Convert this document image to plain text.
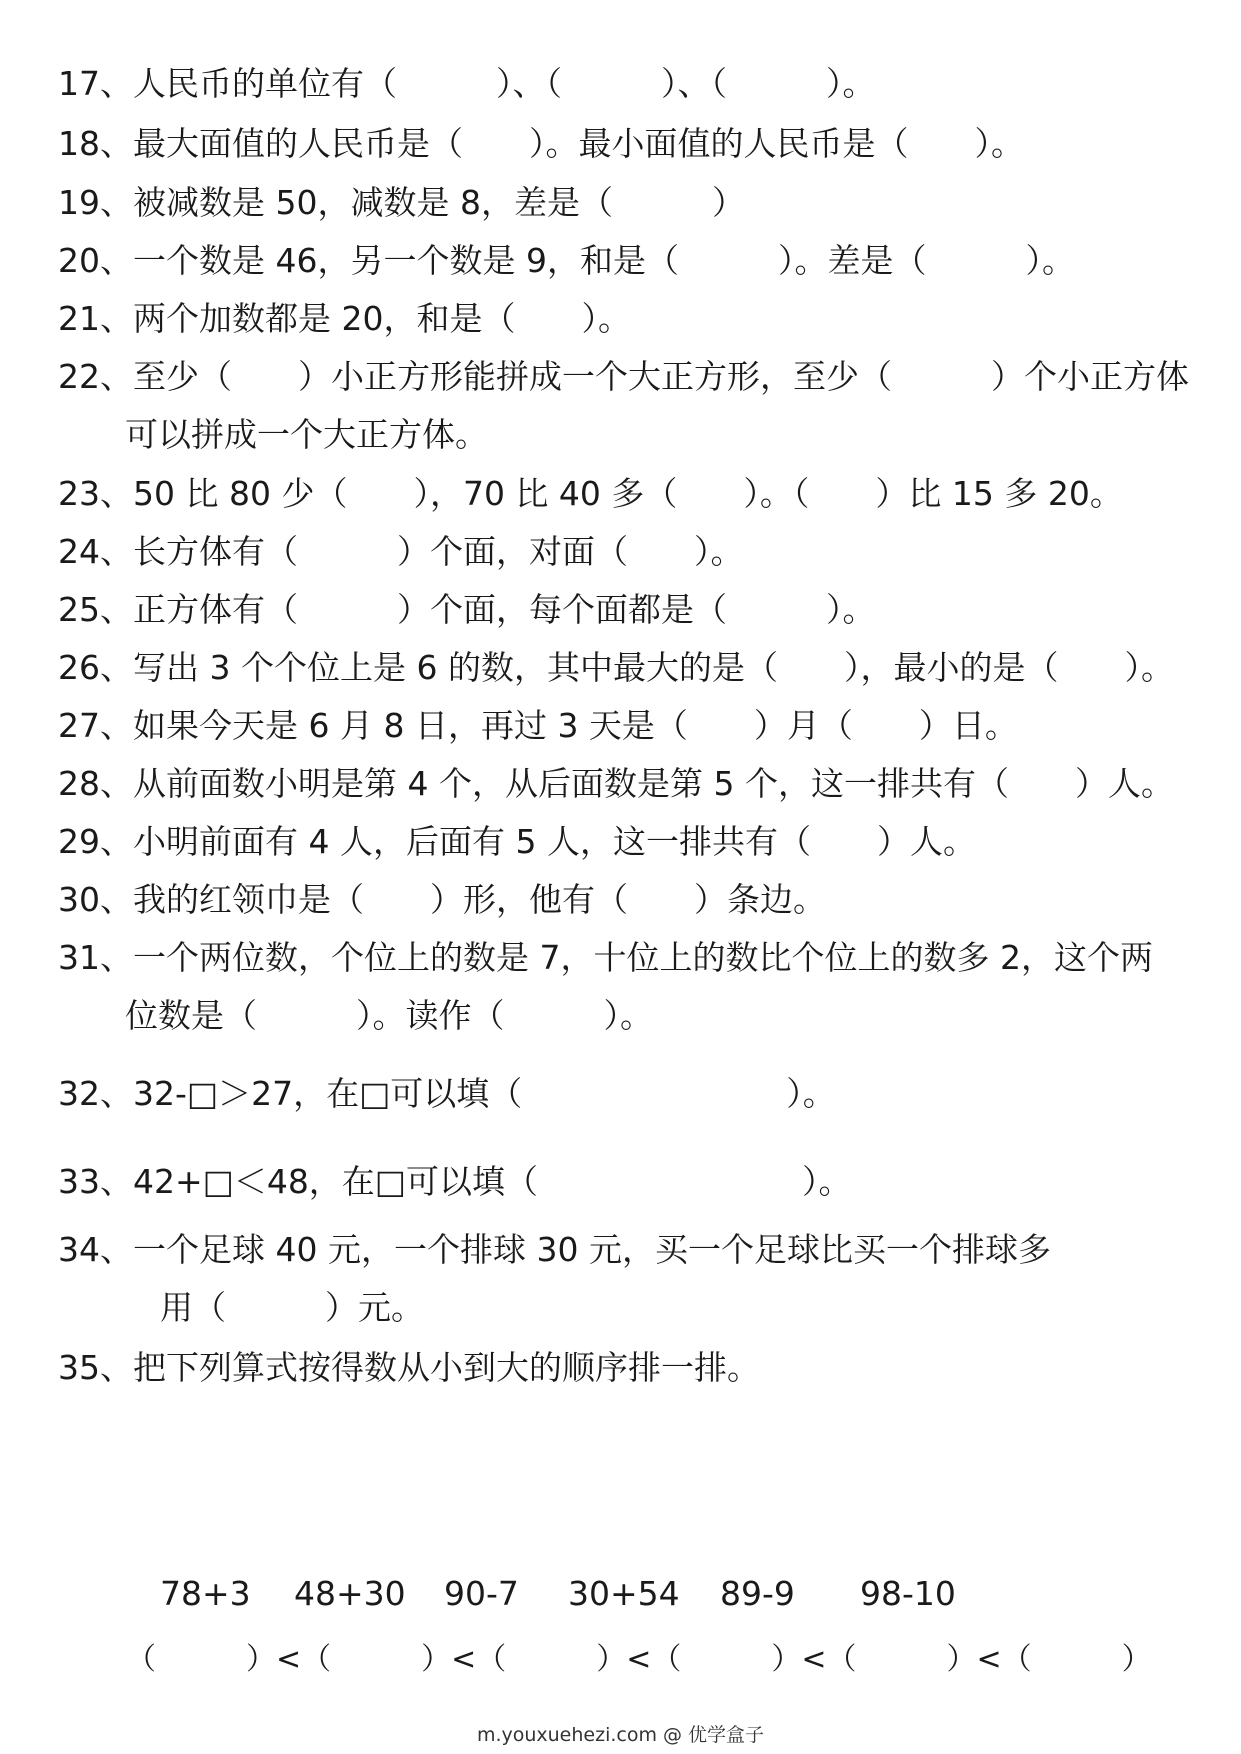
17、人民币的单位有（　　　）、（　　　）、（　　　）。
18、最大面值的人民币是（　　）。最小面值的人民币是（　　）。
19、被减数是 50，减数是 8，差是（　　　）
20、一个数是 46，另一个数是 9，和是（　　　）。差是（　　　）。
21、两个加数都是 20，和是（　　）。
22、至少（　　）小正方形能拼成一个大正方形，至少（　　　）个小正方体
可以拼成一个大正方体。
23、50 比 80 少（　　），70 比 40 多（　　）。（　　）比 15 多 20。
24、长方体有（　　　）个面，对面（　　）。
25、正方体有（　　　）个面，每个面都是（　　　）。
26、写出 3 个个位上是 6 的数，其中最大的是（　　），最小的是（　　）。
27、如果今天是 6 月 8 日，再过 3 天是（　　）月（　　）日。
28、从前面数小明是第 4 个，从后面数是第 5 个，这一排共有（　　）人。
29、小明前面有 4 人，后面有 5 人，这一排共有（　　）人。
30、我的红领巾是（　　）形，他有（　　）条边。
31、一个两位数，个位上的数是 7，十位上的数比个位上的数多 2，这个两
位数是（　　　）。读作（　　　）。
32、32-□＞27，在□可以填（　　　　　　　　）。
33、42+□＜48，在□可以填（　　　　　　　　）。
34、一个足球 40 元，一个排球 30 元，买一个足球比买一个排球多
用（　　　）元。
35、把下列算式按得数从小到大的顺序排一排。
78+3 48+30 90-7 30+54 89-9 98-10
（　　　）<（　　　）<（　　　）<（　　　）<（　　　）<（　　　）
m.youxuehezi.com @ 优学盒子
